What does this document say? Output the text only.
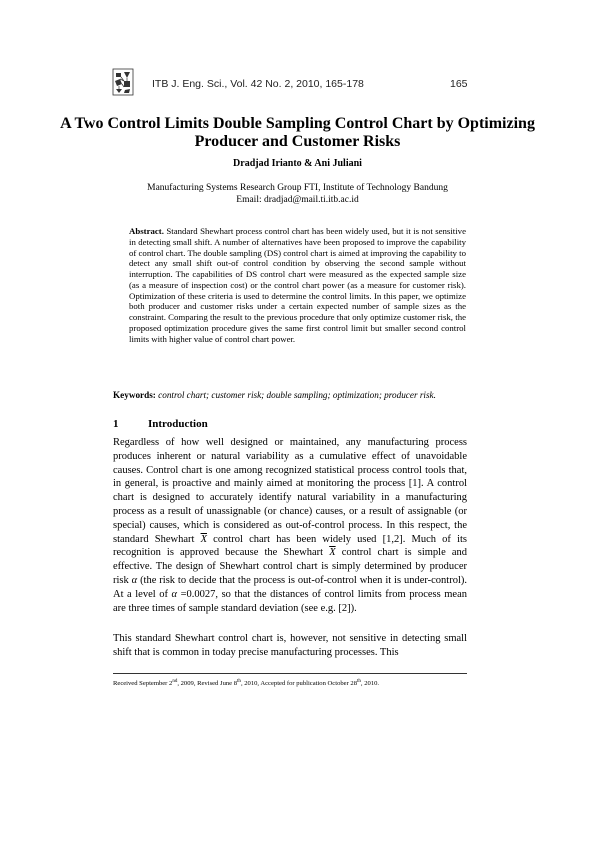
ITB J. Eng. Sci., Vol. 42 No. 2, 2010, 165-178	165
A Two Control Limits Double Sampling Control Chart by Optimizing Producer and Customer Risks
Dradjad Irianto & Ani Juliani
Manufacturing Systems Research Group FTI, Institute of Technology Bandung
Email: dradjad@mail.ti.itb.ac.id
Abstract. Standard Shewhart process control chart has been widely used, but it is not sensitive in detecting small shift. A number of alternatives have been proposed to improve the capability of control chart. The double sampling (DS) control chart is aimed at improving the capability to detect any small shift out-of control condition by observing the second sample without interruption. The capabilities of DS control chart were measured as the expected sample size (as a measure of inspection cost) or the control chart power (as a measure for customer risk). Optimization of these criteria is used to determine the control limits. In this paper, we optimize both producer and customer risks under a certain expected number of sample sizes as the constraint. Comparing the result to the previous procedure that only optimize customer risk, the proposed optimization procedure gives the same first control limit but smaller second control limits with higher value of control chart power.
Keywords: control chart; customer risk; double sampling; optimization; producer risk.
1	Introduction
Regardless of how well designed or maintained, any manufacturing process produces inherent or natural variability as a cumulative effect of unavoidable causes. Control chart is one among recognized statistical process control tools that, in general, is proactive and mainly aimed at monitoring the process [1]. A control chart is designed to accurately identify natural variability in a manufacturing process as a result of unassignable (or chance) causes, or a result of assignable (or special) causes, which is considered as out-of-control process. In this respect, the standard Shewhart $\overline{X}$ control chart has been widely used [1,2]. Much of its recognition is approved because the Shewhart $\overline{X}$ control chart is simple and effective. The design of Shewhart control chart is simply determined by producer risk α (the risk to decide that the process is out-of-control when it is under-control). At a level of α =0.0027, so that the distances of control limits from process mean are three times of sample standard deviation (see e.g. [2]).
This standard Shewhart control chart is, however, not sensitive in detecting small shift that is common in today precise manufacturing processes. This
Received September 2nd, 2009, Revised June 8th, 2010, Accepted for publication October 28th, 2010.
